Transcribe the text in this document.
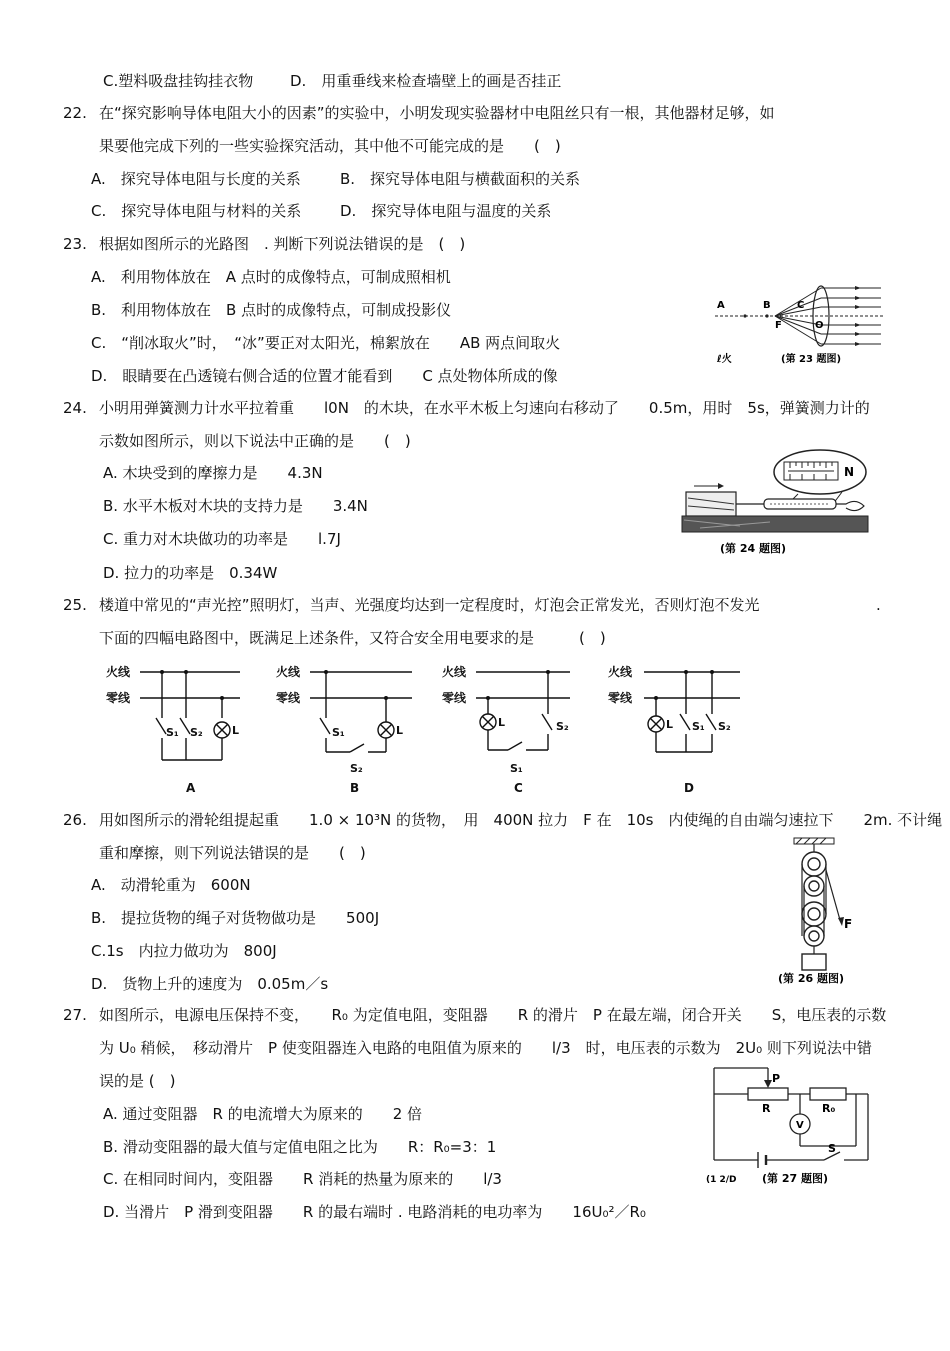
C.塑料吸盘挂钩挂衣物 D.　用重垂线来检查墙壁上的画是否挂正
22. 在“探究影响导体电阻大小的因素”的实验中，小明发现实验器材中电阻丝只有一根，其他器材足够，如
果要他完成下列的一些实验探究活动，其中他不可能完成的是　　(　)
A.　探究导体电阻与长度的关系	B.　探究导体电阻与横截面积的关系
C.　探究导体电阻与材料的关系	D.　探究导体电阻与温度的关系
23. 根据如图所示的光路图　. 判断下列说法错误的是　(　)
A.　利用物体放在　A 点时的成像特点，可制成照相机
B.　利用物体放在　B 点时的成像特点，可制成投影仪
C.　“削冰取火”时，　“冰”要正对太阳光，棉絮放在　　AB 两点间取火
D.　眼睛要在凸透镜右侧合适的位置才能看到　　C 点处物体所成的像
A	B	C
F	O
ℓ火	(第 23 题图)
24. 小明用弹簧测力计水平拉着重　　l0N　的木块，在水平木板上匀速向右移动了　　0.5m，用时　5s，弹簧测力计的
示数如图所示，则以下说法中正确的是　　(　)
A. 木块受到的摩擦力是　　4.3N
B. 水平木板对木块的支持力是　　3.4N
C. 重力对木块做功的功率是　　l.7J
D. 拉力的功率是　0.34W
N
(第 24 题图)
25. 楼道中常见的“声光控”照明灯，当声、光强度均达到一定程度时，灯泡会正常发光，否则灯泡不发光	.
下面的四幅电路图中，既满足上述条件，又符合安全用电要求的是　　　(　)
火线
零线
S₁ S₂	L
A
火线
零线
S₁
S₂
L
B
火线
零线
L	S₂
S₁
C
火线
零线
L S₁ S₂
D
26. 用如图所示的滑轮组提起重　　1.0 × 10³N 的货物，　用　400N 拉力　F 在　10s　内使绳的自由端匀速拉下　　2m. 不计绳
重和摩擦，则下列说法错误的是　　(　)
A.　动滑轮重为　600N
B.　提拉货物的绳子对货物做功是　　500J
C.1s　内拉力做功为　800J
D.　货物上升的速度为　0.05m／s
F
(第 26 题图)
27. 如图所示，电源电压保持不变，　　R₀ 为定值电阻，变阻器　　R 的滑片　P 在最左端，闭合开关　　S，电压表的示数
为 U₀ 稍候，　移动滑片　P 使变阻器连入电路的电阻值为原来的　　l/3　时，电压表的示数为　2U₀ 则下列说法中错
误的是 (　)
A. 通过变阻器　R 的电流增大为原来的　　2 倍
B. 滑动变阻器的最大值与定值电阻之比为　　R：R₀=3：1
C. 在相同时间内，变阻器　　R 消耗的热量为原来的　　l/3
D. 当滑片　P 滑到变阻器　　R 的最右端时 . 电路消耗的电功率为　　16U₀²／R₀
P
R	R₀
V
S
(1 2/D (第 27 题图)
